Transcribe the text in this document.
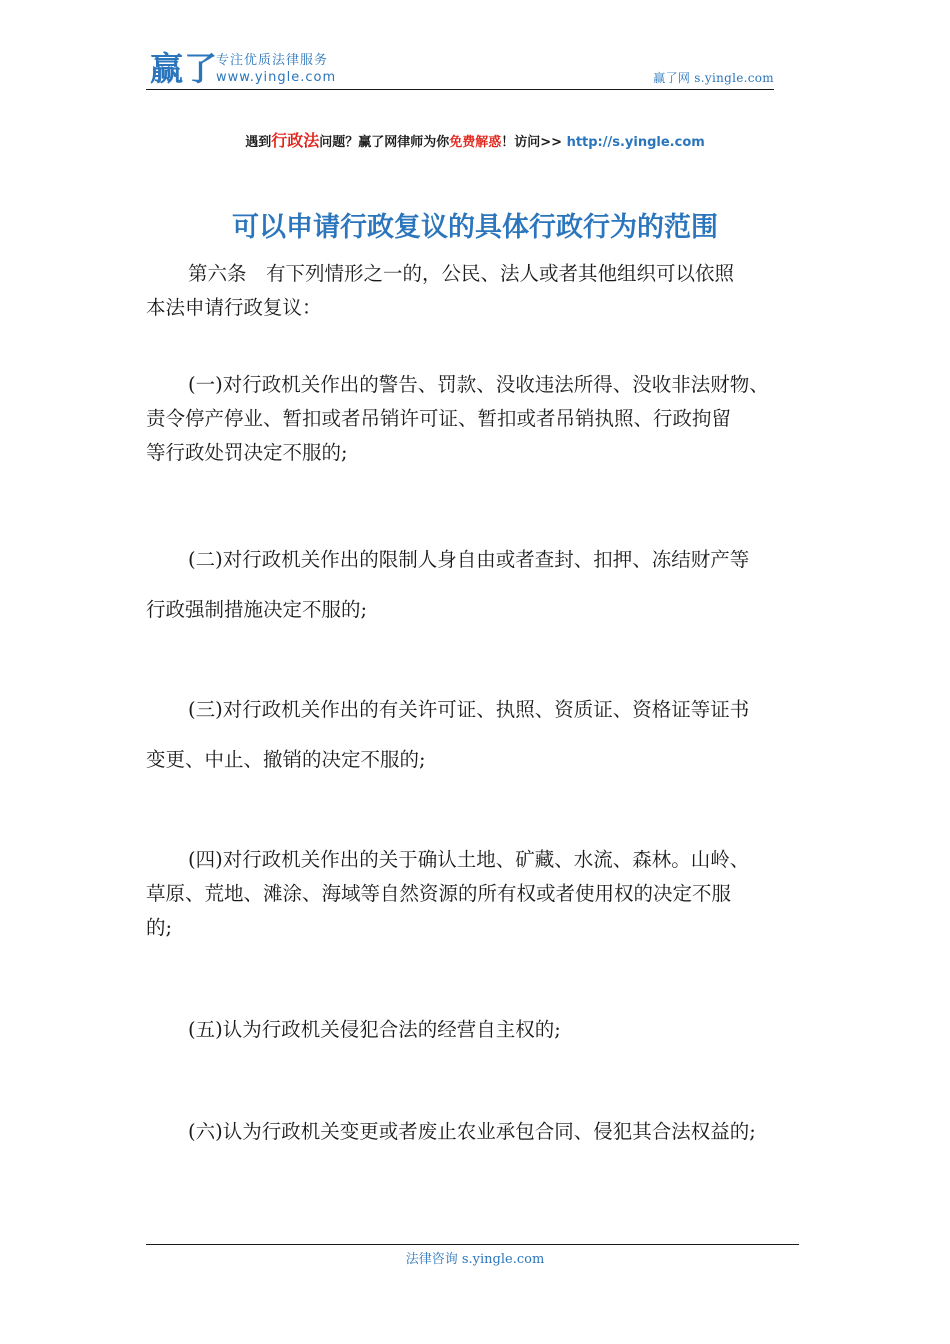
赢了
专注优质法律服务
www.yingle.com	赢了网 s.yingle.com
遇到行政法问题？赢了网律师为你免费解惑！访问>> http://s.yingle.com
可以申请行政复议的具体行政行为的范围
第六条　有下列情形之一的，公民、法人或者其他组织可以依照
本法申请行政复议：
(一)对行政机关作出的警告、罚款、没收违法所得、没收非法财物、
责令停产停业、暂扣或者吊销许可证、暂扣或者吊销执照、行政拘留
等行政处罚决定不服的;
(二)对行政机关作出的限制人身自由或者查封、扣押、冻结财产等
行政强制措施决定不服的;
(三)对行政机关作出的有关许可证、执照、资质证、资格证等证书
变更、中止、撤销的决定不服的;
(四)对行政机关作出的关于确认土地、矿藏、水流、森林。山岭、
草原、荒地、滩涂、海域等自然资源的所有权或者使用权的决定不服
的;
(五)认为行政机关侵犯合法的经营自主权的;
(六)认为行政机关变更或者废止农业承包合同、侵犯其合法权益的;
法律咨询 s.yingle.com
